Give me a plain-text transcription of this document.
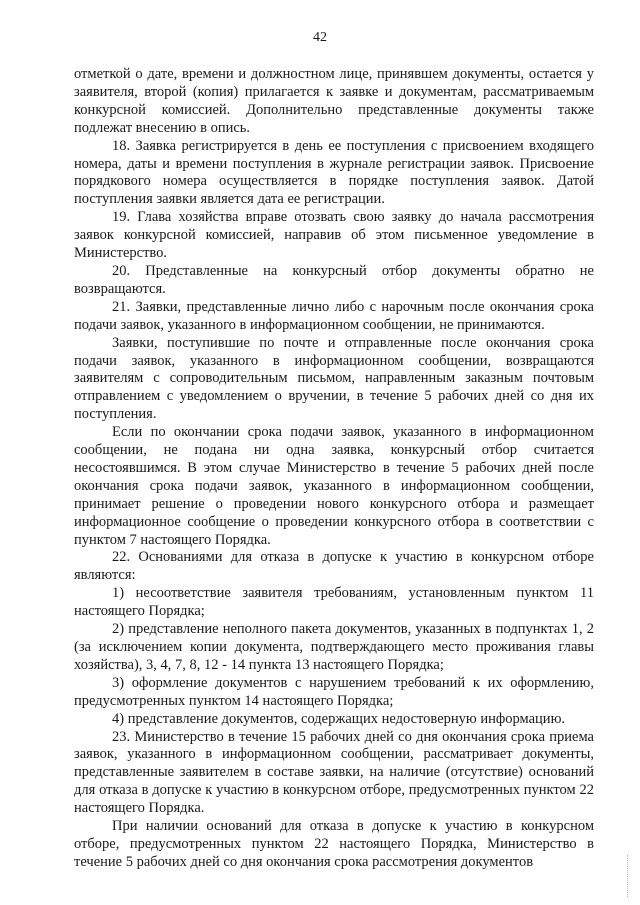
42

отметкой о дате, времени и должностном лице, принявшем документы, остается у заявителя, второй (копия) прилагается к заявке и документам, рассматриваемым конкурсной комиссией. Дополнительно представленные документы также подлежат внесению в опись.

18. Заявка регистрируется в день ее поступления с присвоением входящего номера, даты и времени поступления в журнале регистрации заявок. Присвоение порядкового номера осуществляется в порядке поступления заявок. Датой поступления заявки является дата ее регистрации.

19. Глава хозяйства вправе отозвать свою заявку до начала рассмотрения заявок конкурсной комиссией, направив об этом письменное уведомление в Министерство.

20. Представленные на конкурсный отбор документы обратно не возвращаются.

21. Заявки, представленные лично либо с нарочным после окончания срока подачи заявок, указанного в информационном сообщении, не принимаются.

Заявки, поступившие по почте и отправленные после окончания срока подачи заявок, указанного в информационном сообщении, возвращаются заявителям с сопроводительным письмом, направленным заказным почтовым отправлением с уведомлением о вручении, в течение 5 рабочих дней со дня их поступления.

Если по окончании срока подачи заявок, указанного в информационном сообщении, не подана ни одна заявка, конкурсный отбор считается несостоявшимся. В этом случае Министерство в течение 5 рабочих дней после окончания срока подачи заявок, указанного в информационном сообщении, принимает решение о проведении нового конкурсного отбора и размещает информационное сообщение о проведении конкурсного отбора в соответствии с пунктом 7 настоящего Порядка.

22. Основаниями для отказа в допуске к участию в конкурсном отборе являются:

1) несоответствие заявителя требованиям, установленным пунктом 11 настоящего Порядка;

2) представление неполного пакета документов, указанных в подпунктах 1, 2 (за исключением копии документа, подтверждающего место проживания главы хозяйства), 3, 4, 7, 8, 12 - 14 пункта 13 настоящего Порядка;

3) оформление документов с нарушением требований к их оформлению, предусмотренных пунктом 14 настоящего Порядка;

4) представление документов, содержащих недостоверную информацию.

23. Министерство в течение 15 рабочих дней со дня окончания срока приема заявок, указанного в информационном сообщении, рассматривает документы, представленные заявителем в составе заявки, на наличие (отсутствие) оснований для отказа в допуске к участию в конкурсном отборе, предусмотренных пунктом 22 настоящего Порядка.

При наличии оснований для отказа в допуске к участию в конкурсном отборе, предусмотренных пунктом 22 настоящего Порядка, Министерство в течение 5 рабочих дней со дня окончания срока рассмотрения документов
